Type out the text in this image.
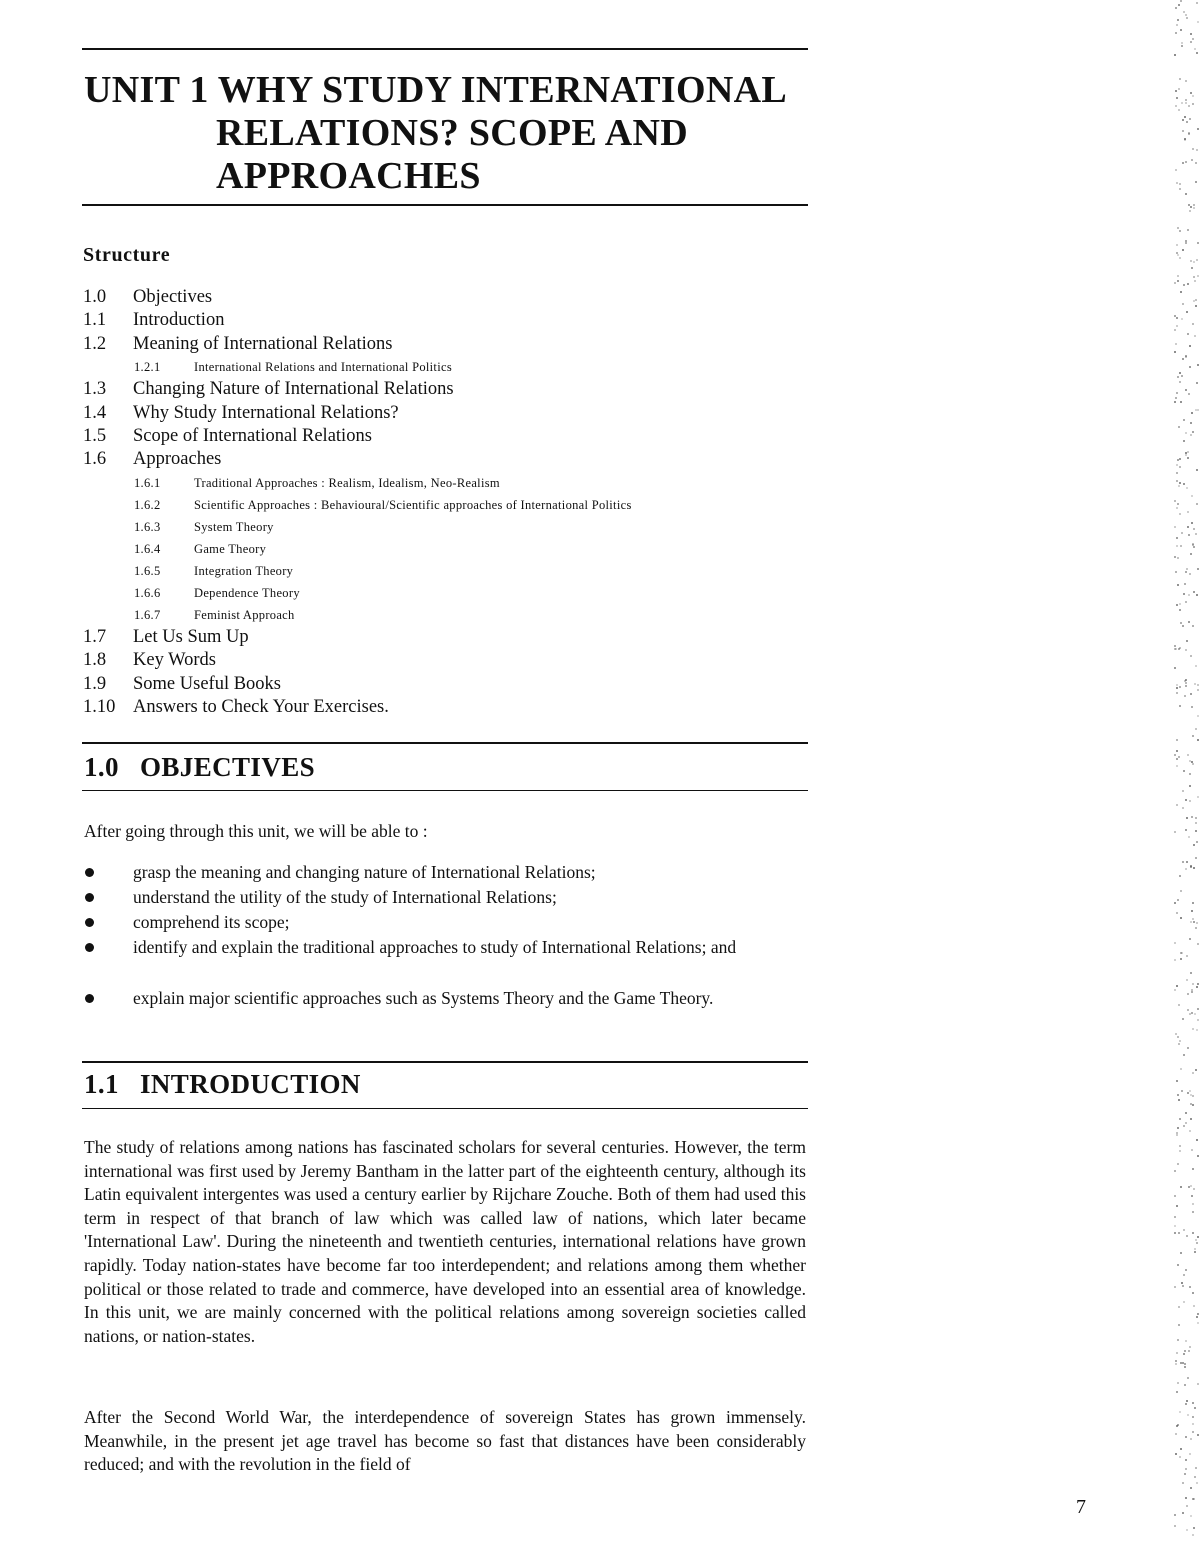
UNIT 1 WHY STUDY INTERNATIONAL
RELATIONS? SCOPE AND
APPROACHES
Structure
1.0 Objectives
1.1 Introduction
1.2 Meaning of International Relations
1.2.1	International Relations and International Politics
1.3 Changing Nature of International Relations
1.4 Why Study International Relations?
1.5 Scope of International Relations
1.6 Approaches
1.6.1	Traditional Approaches : Realism, Idealism, Neo-Realism
1.6.2	Scientific Approaches : Behavioural/Scientific approaches of International Politics
1.6.3	System Theory
1.6.4	Game Theory
1.6.5	Integration Theory
1.6.6	Dependence Theory
1.6.7	Feminist Approach
1.7 Let Us Sum Up
1.8 Key Words
1.9 Some Useful Books
1.10 Answers to Check Your Exercises.
1.0 OBJECTIVES
After going through this unit, we will be able to :
grasp the meaning and changing nature of International Relations;
understand the utility of the study of International Relations;
comprehend its scope;
identify and explain the traditional approaches to study of International Relations; and
explain major scientific approaches such as Systems Theory and the Game Theory.
1.1 INTRODUCTION
The study of relations among nations has fascinated scholars for several centuries. However, the term international was first used by Jeremy Bantham in the latter part of the eighteenth century, although its Latin equivalent intergentes was used a century earlier by Rijchare Zouche. Both of them had used this term in respect of that branch of law which was called law of nations, which later became 'International Law'. During the nineteenth and twentieth centuries, international relations have grown rapidly. Today nation-states have become far too interdependent; and relations among them whether political or those related to trade and commerce, have developed into an essential area of knowledge. In this unit, we are mainly concerned with the political relations among sovereign societies called nations, or nation-states.
After the Second World War, the interdependence of sovereign States has grown immensely. Meanwhile, in the present jet age travel has become so fast that distances have been considerably reduced; and with the revolution in the field of
7
